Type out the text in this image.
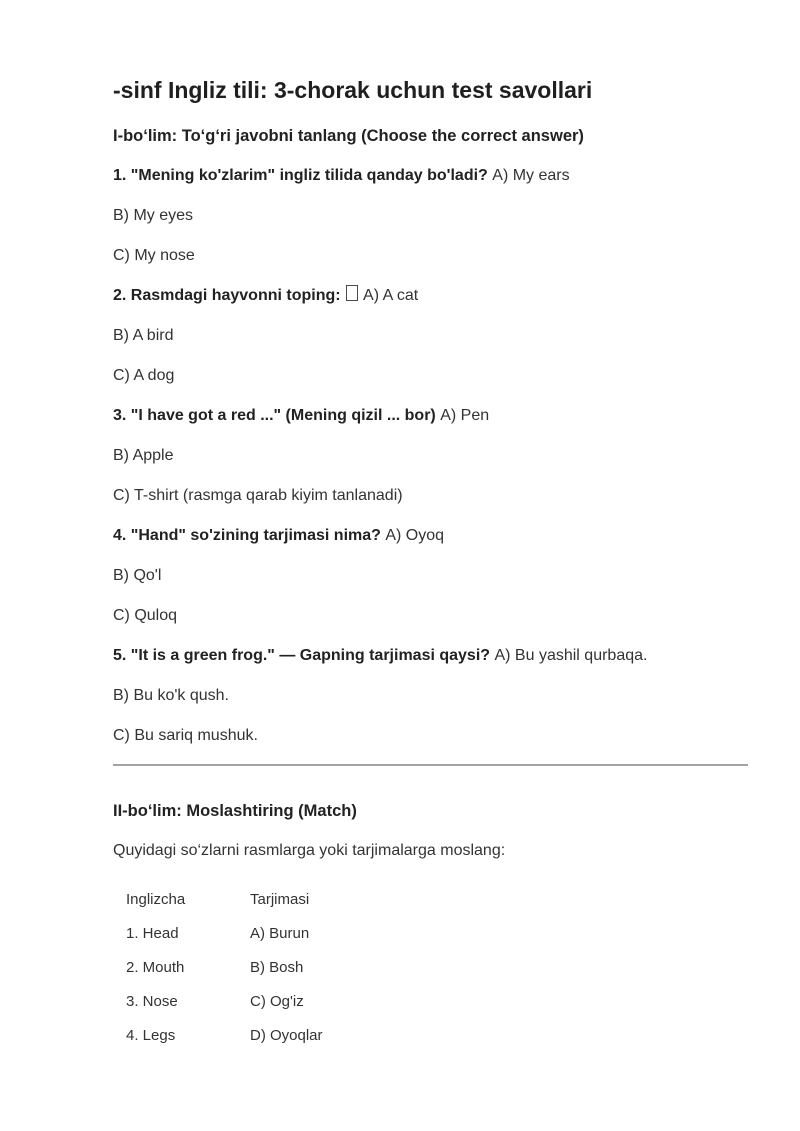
-sinf Ingliz tili: 3-chorak uchun test savollari
I-bo‘lim: To‘g‘ri javobni tanlang (Choose the correct answer)

1. "Mening ko'zlarim" ingliz tilida qanday bo'ladi? A) My ears

B) My eyes

C) My nose

2. Rasmdagi hayvonni toping: A) A cat

B) A bird

C) A dog

3. "I have got a red ..." (Mening qizil ... bor) A) Pen

B) Apple

C) T-shirt (rasmga qarab kiyim tanlanadi)

4. "Hand" so'zining tarjimasi nima? A) Oyoq

B) Qo'l

C) Quloq

5. "It is a green frog." — Gapning tarjimasi qaysi? A) Bu yashil qurbaqa.

B) Bu ko'k qush.

C) Bu sariq mushuk.

II-bo‘lim: Moslashtiring (Match)

Quyidagi so‘zlarni rasmlarga yoki tarjimalarga moslang:

Inglizcha	Tarjimasi
1. Head	A) Burun
2. Mouth	B) Bosh
3. Nose	C) Og'iz
4. Legs	D) Oyoqlar
